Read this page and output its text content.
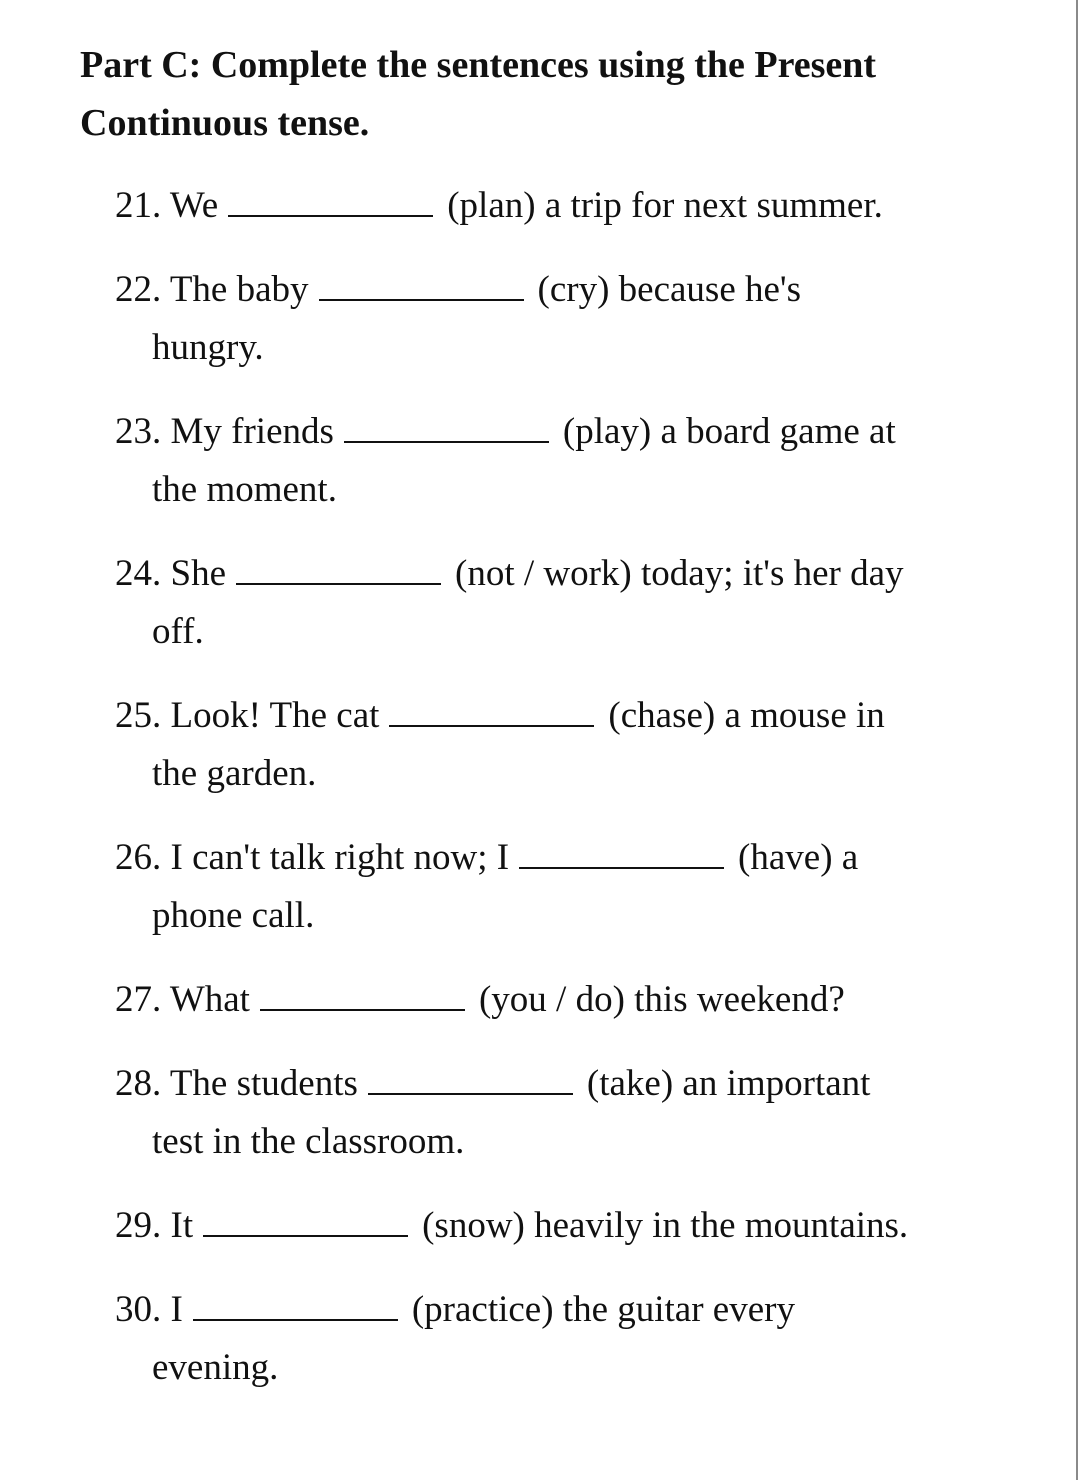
Part C: Complete the sentences using the Present Continuous tense.
21. We	(plan) a trip for next summer.
22. The baby	(cry) because he's
hungry.
23. My friends	(play) a board game at
the moment.
24. She	(not / work) today; it's her day
off.
25. Look! The cat	(chase) a mouse in
the garden.
26. I can't talk right now; I	(have) a
phone call.
27. What	(you / do) this weekend?
28. The students	(take) an important
test in the classroom.
29. It	(snow) heavily in the mountains.
30. I	(practice) the guitar every
evening.
